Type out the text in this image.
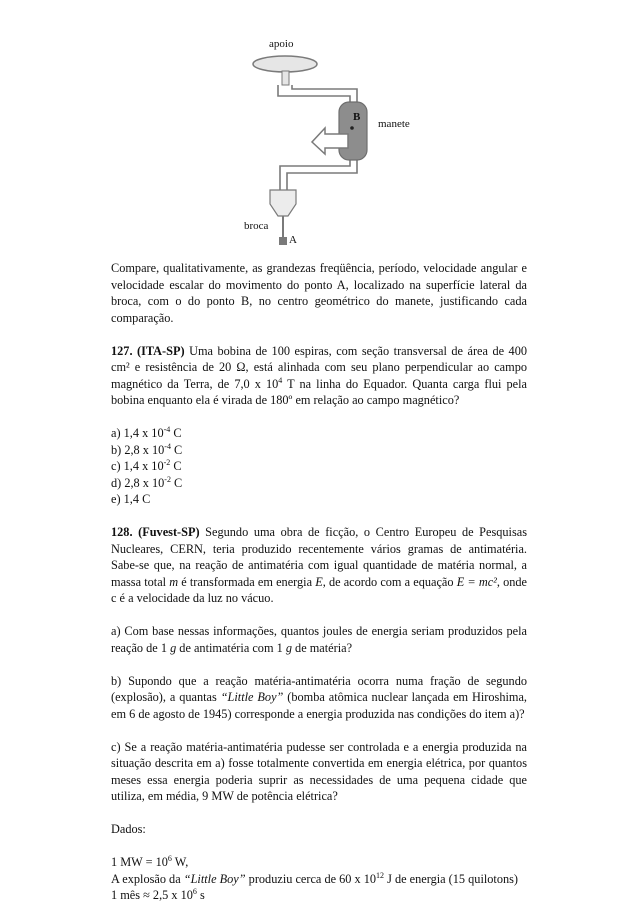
apoio
B
manete
broca
A

Compare, qualitativamente, as grandezas freqüência, período, velocidade angular e velocidade escalar do movimento do ponto A, localizado na superfície lateral da broca, com o do ponto B, no centro geométrico do manete, justificando cada comparação.

127. (ITA-SP) Uma bobina de 100 espiras, com seção transversal de área de 400 cm² e resistência de 20 Ω, está alinhada com seu plano perpendicular ao campo magnético da Terra, de 7,0 x $10^4$ T na linha do Equador. Quanta carga flui pela bobina enquanto ela é virada de 180º em relação ao campo magnético?

a) 1,4 x $10^{-4}$ C
b) 2,8 x $10^{-4}$ C
c) 1,4 x $10^{-2}$ C
d) 2,8 x $10^{-2}$ C
e) 1,4 C

128. (Fuvest-SP) Segundo uma obra de ficção, o Centro Europeu de Pesquisas Nucleares, CERN, teria produzido recentemente vários gramas de antimatéria. Sabe-se que, na reação de antimatéria com igual quantidade de matéria normal, a massa total m é transformada em energia E, de acordo com a equação E = mc², onde c é a velocidade da luz no vácuo.

a) Com base nessas informações, quantos joules de energia seriam produzidos pela reação de 1 g de antimatéria com 1 g de matéria?

b) Supondo que a reação matéria-antimatéria ocorra numa fração de segundo (explosão), a quantas “Little Boy” (bomba atômica nuclear lançada em Hiroshima, em 6 de agosto de 1945) corresponde a energia produzida nas condições do item a)?

c) Se a reação matéria-antimatéria pudesse ser controlada e a energia produzida na situação descrita em a) fosse totalmente convertida em energia elétrica, por quantos meses essa energia poderia suprir as necessidades de uma pequena cidade que utiliza, em média, 9 MW de potência elétrica?

Dados:

1 MW = $10^6$ W,
A explosão da “Little Boy” produziu cerca de 60 x $10^{12}$ J de energia (15 quilotons)
1 mês ≈ 2,5 x $10^6$ s
